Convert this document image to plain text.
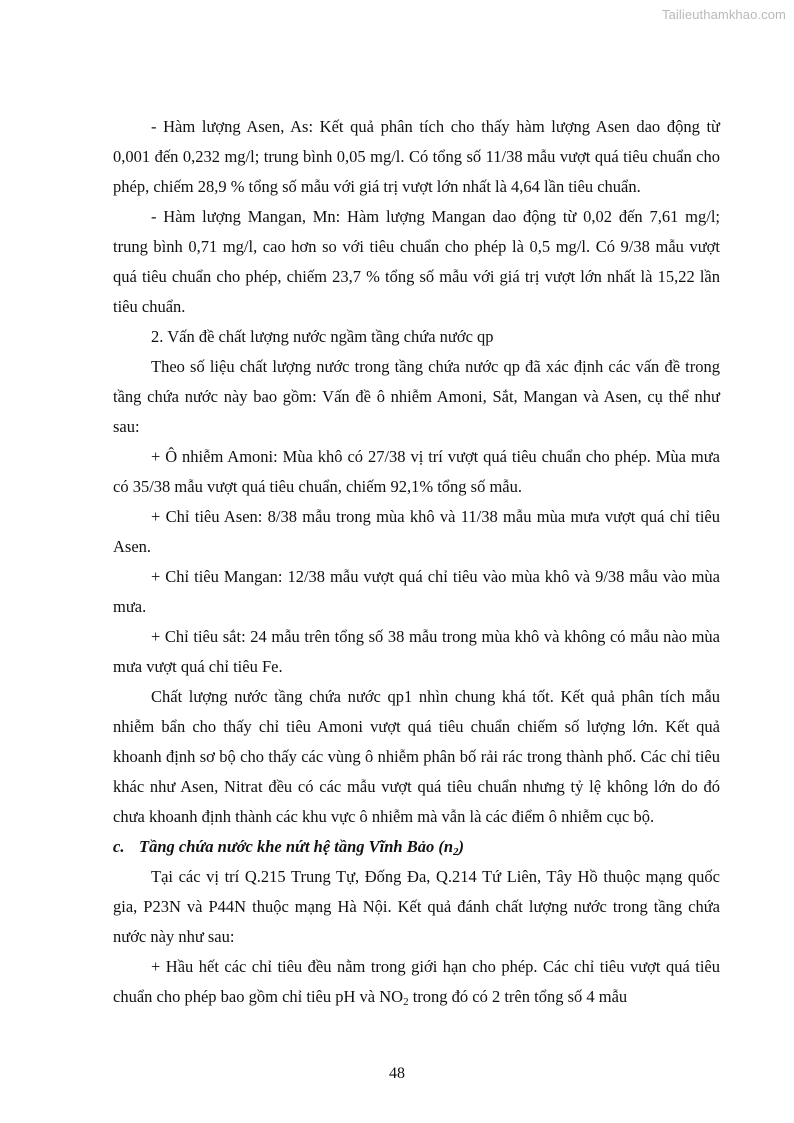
Tailieuthamkhao.com

- Hàm lượng Asen, As: Kết quả phân tích cho thấy hàm lượng Asen dao động từ 0,001 đến 0,232 mg/l; trung bình 0,05 mg/l. Có tổng số 11/38 mẫu vượt quá tiêu chuẩn cho phép, chiếm 28,9 % tổng số mẫu với giá trị vượt lớn nhất là 4,64 lần tiêu chuẩn.

- Hàm lượng Mangan, Mn: Hàm lượng Mangan dao động từ 0,02 đến 7,61 mg/l; trung bình 0,71 mg/l, cao hơn so với tiêu chuẩn cho phép là 0,5 mg/l. Có 9/38 mẫu vượt quá tiêu chuẩn cho phép, chiếm 23,7 % tổng số mẫu với giá trị vượt lớn nhất là 15,22 lần tiêu chuẩn.

2. Vấn đề chất lượng nước ngầm tầng chứa nước qp

Theo số liệu chất lượng nước trong tầng chứa nước qp đã xác định các vấn đề trong tầng chứa nước này bao gồm: Vấn đề ô nhiễm Amoni, Sắt, Mangan và Asen, cụ thể như sau:

+ Ô nhiễm Amoni: Mùa khô có 27/38 vị trí vượt quá tiêu chuẩn cho phép. Mùa mưa có 35/38 mẫu vượt quá tiêu chuẩn, chiếm 92,1% tổng số mẫu.

+ Chỉ tiêu Asen: 8/38 mẫu trong mùa khô và 11/38 mẫu mùa mưa vượt quá chỉ tiêu Asen.

+ Chỉ tiêu Mangan: 12/38 mẫu vượt quá chỉ tiêu vào mùa khô và 9/38 mẫu vào mùa mưa.

+ Chỉ tiêu sắt: 24 mẫu trên tổng số 38 mẫu trong mùa khô và không có mẫu nào mùa mưa vượt quá chỉ tiêu Fe.

Chất lượng nước tầng chứa nước qp1 nhìn chung khá tốt. Kết quả phân tích mẫu nhiễm bẩn cho thấy chỉ tiêu Amoni vượt quá tiêu chuẩn chiếm số lượng lớn. Kết quả khoanh định sơ bộ cho thấy các vùng ô nhiễm phân bố rải rác trong thành phố. Các chỉ tiêu khác như Asen, Nitrat đều có các mẫu vượt quá tiêu chuẩn nhưng tỷ lệ không lớn do đó chưa khoanh định thành các khu vực ô nhiễm mà vẫn là các điểm ô nhiễm cục bộ.

c. Tầng chứa nước khe nứt hệ tầng Vĩnh Bảo $(n_2)$

Tại các vị trí Q.215 Trung Tự, Đống Đa, Q.214 Tứ Liên, Tây Hồ thuộc mạng quốc gia, P23N và P44N thuộc mạng Hà Nội. Kết quả đánh chất lượng nước trong tầng chứa nước này như sau:

+ Hầu hết các chỉ tiêu đều nằm trong giới hạn cho phép. Các chỉ tiêu vượt quá tiêu chuẩn cho phép bao gồm chỉ tiêu pH và $NO_2$ trong đó có 2 trên tổng số 4 mẫu

48
